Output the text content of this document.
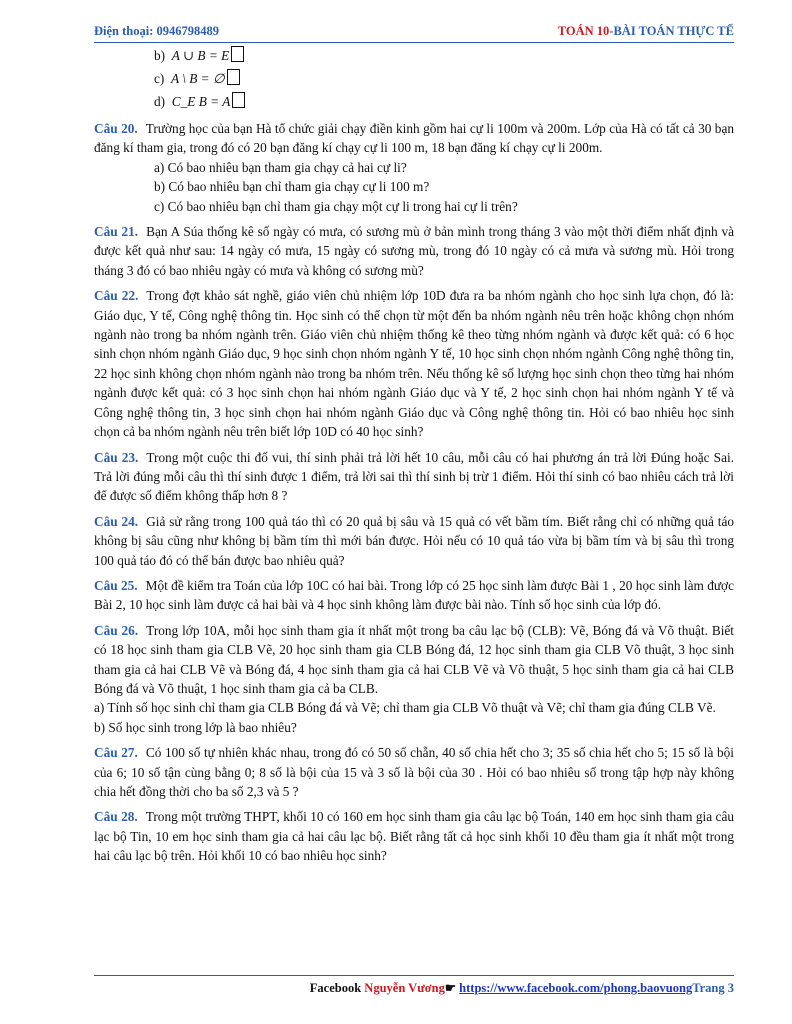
Điện thoại: 0946798489	TOÁN 10-BÀI TOÁN THỰC TẾ
b) A ∪ B = E
c) A \ B = ∅
d) C_E B = A
Câu 20. Trường học của bạn Hà tổ chức giải chạy điền kinh gồm hai cự li 100m và 200m. Lớp của Hà có tất cả 30 bạn đăng kí tham gia, trong đó có 20 bạn đăng kí chạy cự li 100 m, 18 bạn đăng kí chạy cự li 200m.
a) Có bao nhiêu bạn tham gia chạy cả hai cự li?
b) Có bao nhiêu bạn chỉ tham gia chạy cự li 100 m?
c) Có bao nhiêu bạn chỉ tham gia chạy một cự li trong hai cự li trên?
Câu 21. Bạn A Súa thống kê số ngày có mưa, có sương mù ở bản mình trong tháng 3 vào một thời điểm nhất định và được kết quả như sau: 14 ngày có mưa, 15 ngày có sương mù, trong đó 10 ngày có cả mưa và sương mù. Hỏi trong tháng 3 đó có bao nhiêu ngày có mưa và không có sương mù?
Câu 22. Trong đợt khảo sát nghề, giáo viên chủ nhiệm lớp 10D đưa ra ba nhóm ngành cho học sinh lựa chọn, đó là: Giáo dục, Y tế, Công nghệ thông tin. Học sinh có thể chọn từ một đến ba nhóm ngành nêu trên hoặc không chọn nhóm ngành nào trong ba nhóm ngành trên. Giáo viên chủ nhiệm thống kê theo từng nhóm ngành và được kết quả: có 6 học sinh chọn nhóm ngành Giáo dục, 9 học sinh chọn nhóm ngành Y tế, 10 học sinh chọn nhóm ngành Công nghệ thông tin, 22 học sinh không chọn nhóm ngành nào trong ba nhóm trên. Nếu thống kê số lượng học sinh chọn theo từng hai nhóm ngành được kết quả: có 3 học sinh chọn hai nhóm ngành Giáo dục và Y tế, 2 học sinh chọn hai nhóm ngành Y tế và Công nghệ thông tin, 3 học sinh chọn hai nhóm ngành Giáo dục và Công nghệ thông tin. Hỏi có bao nhiêu học sinh chọn cả ba nhóm ngành nêu trên biết lớp 10D có 40 học sinh?
Câu 23. Trong một cuộc thi đố vui, thí sinh phải trả lời hết 10 câu, mỗi câu có hai phương án trả lời Đúng hoặc Sai. Trả lời đúng mỗi câu thì thí sinh được 1 điểm, trả lời sai thì thí sinh bị trừ 1 điểm. Hỏi thí sinh có bao nhiêu cách trả lời để được số điểm không thấp hơn 8 ?
Câu 24. Giả sử rằng trong 100 quả táo thì có 20 quả bị sâu và 15 quả có vết bầm tím. Biết rằng chỉ có những quả táo không bị sâu cũng như không bị bầm tím thì mới bán được. Hỏi nếu có 10 quả táo vừa bị bầm tím và bị sâu thì trong 100 quả táo đó có thể bán được bao nhiêu quả?
Câu 25. Một đề kiểm tra Toán của lớp 10C có hai bài. Trong lớp có 25 học sinh làm được Bài 1 , 20 học sinh làm được Bài 2, 10 học sinh làm được cả hai bài và 4 học sinh không làm được bài nào. Tính số học sinh của lớp đó.
Câu 26. Trong lớp 10A, mỗi học sinh tham gia ít nhất một trong ba câu lạc bộ (CLB): Vẽ, Bóng đá và Võ thuật. Biết có 18 học sinh tham gia CLB Vẽ, 20 học sinh tham gia CLB Bóng đá, 12 học sinh tham gia CLB Võ thuật, 3 học sinh tham gia cả hai CLB Vẽ và Bóng đá, 4 học sinh tham gia cả hai CLB Vẽ và Võ thuật, 5 học sinh tham gia cả hai CLB Bóng đá và Võ thuật, 1 học sinh tham gia cả ba CLB.
a) Tính số học sinh chỉ tham gia CLB Bóng đá và Vẽ; chỉ tham gia CLB Võ thuật và Vẽ; chỉ tham gia đúng CLB Vẽ.
b) Số học sinh trong lớp là bao nhiêu?
Câu 27. Có 100 số tự nhiên khác nhau, trong đó có 50 số chẵn, 40 số chia hết cho 3; 35 số chia hết cho 5; 15 số là bội của 6; 10 số tận cùng bằng 0; 8 số là bội của 15 và 3 số là bội của 30 . Hỏi có bao nhiêu số trong tập hợp này không chia hết đồng thời cho ba số 2,3 và 5 ?
Câu 28. Trong một trường THPT, khối 10 có 160 em học sinh tham gia câu lạc bộ Toán, 140 em học sinh tham gia câu lạc bộ Tin, 10 em học sinh tham gia cả hai câu lạc bộ. Biết rằng tất cả học sinh khối 10 đều tham gia ít nhất một trong hai câu lạc bộ trên. Hỏi khối 10 có bao nhiêu học sinh?
Facebook Nguyễn Vương☛ https://www.facebook.com/phong.baovuongTrang 3
